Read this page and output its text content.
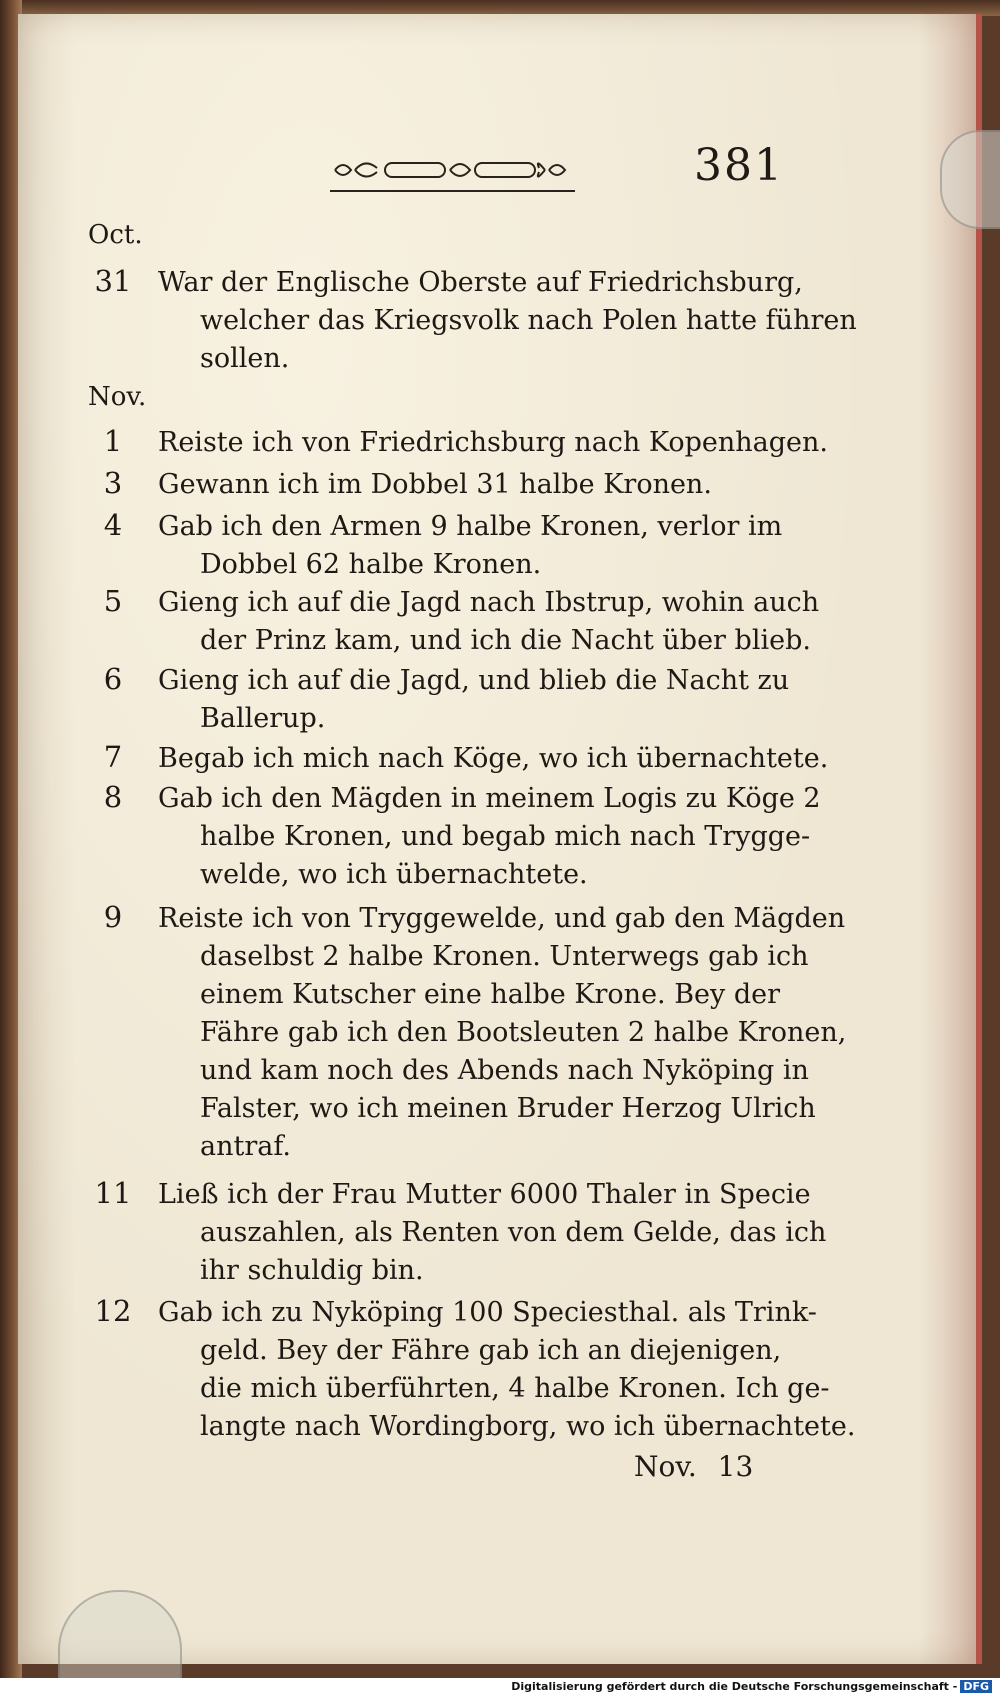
381
Oct.
31 War der Englische Oberste auf Friedrichsburg,
welcher das Kriegsvolk nach Polen hatte führen
sollen.
Nov.
1	Reiste ich von Friedrichsburg nach Kopenhagen.
3	Gewann ich im Dobbel 31 halbe Kronen.
4	Gab ich den Armen 9 halbe Kronen, verlor im
Dobbel 62 halbe Kronen.
5	Gieng ich auf die Jagd nach Ibstrup, wohin auch
der Prinz kam, und ich die Nacht über blieb.
6	Gieng ich auf die Jagd, und blieb die Nacht zu
Ballerup.
7	Begab ich mich nach Köge, wo ich übernachtete.
8	Gab ich den Mägden in meinem Logis zu Köge 2
halbe Kronen, und begab mich nach Trygge-
welde, wo ich übernachtete.
9	Reiste ich von Tryggewelde, und gab den Mägden
daselbst 2 halbe Kronen. Unterwegs gab ich
einem Kutscher eine halbe Krone. Bey der
Fähre gab ich den Bootsleuten 2 halbe Kronen,
und kam noch des Abends nach Nyköping in
Falster, wo ich meinen Bruder Herzog Ulrich
antraf.
11 Ließ ich der Frau Mutter 6000 Thaler in Specie
auszahlen, als Renten von dem Gelde, das ich
ihr schuldig bin.
12 Gab ich zu Nyköping 100 Speciesthal. als Trink-
geld. Bey der Fähre gab ich an diejenigen,
die mich überführten, 4 halbe Kronen. Ich ge-
langte nach Wordingborg, wo ich übernachtete.
Nov. 13
Digitalisierung gefördert durch die Deutsche Forschungsgemeinschaft - DFG
